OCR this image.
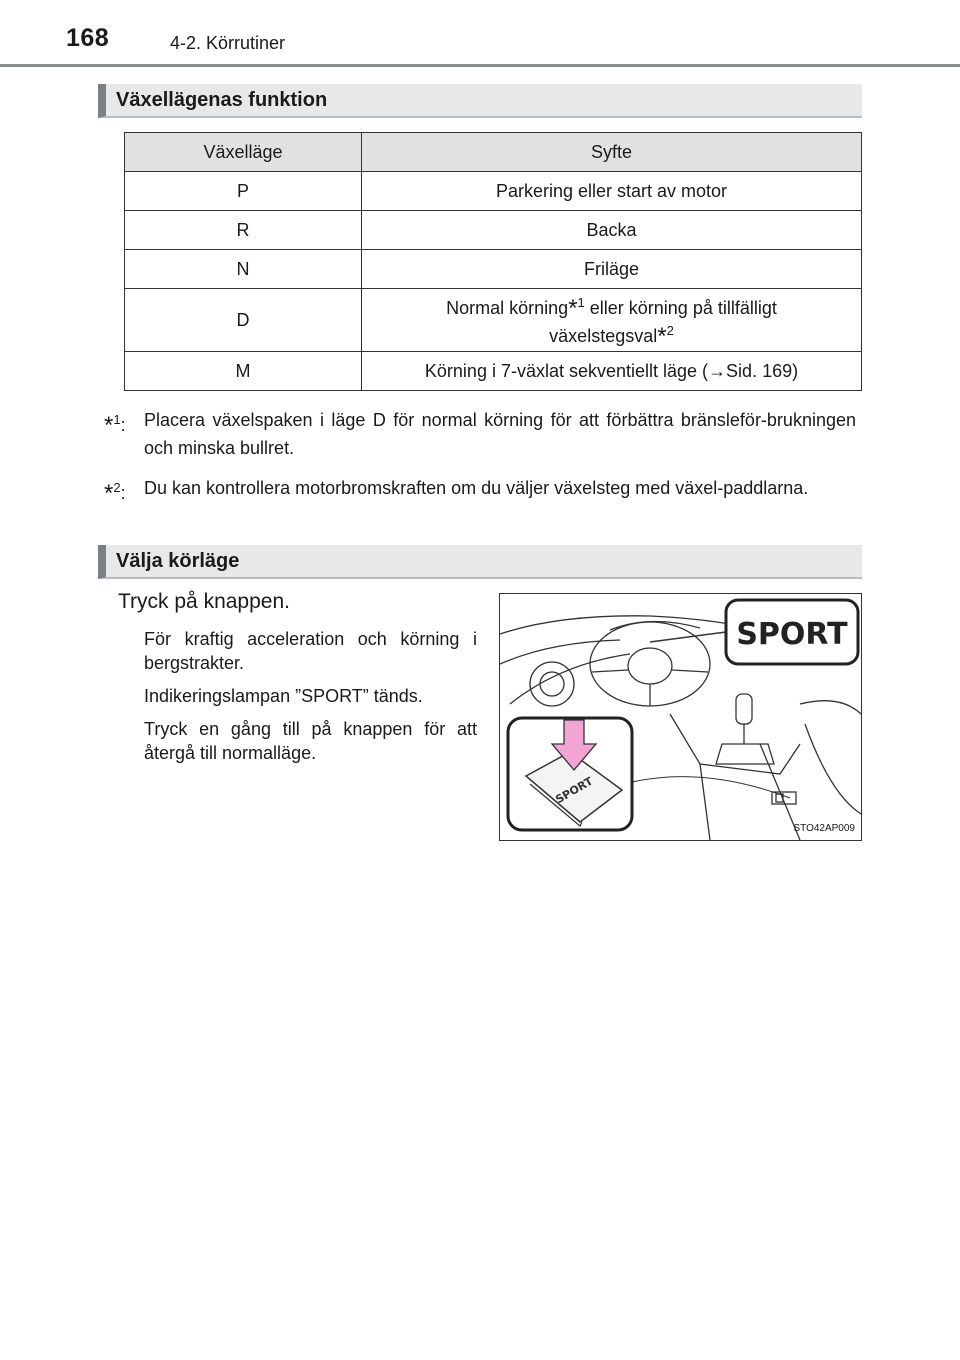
168	4-2. Körrutiner
Växellägenas funktion
Växelläge	Syfte
P	Parkering eller start av motor
R	Backa
N	Friläge
D	Normal körning*$^1$ eller körning på tillfälligt
växelstegsval*$^2$
M	Körning i 7-växlat sekventiellt läge (→Sid. 169)
*$^1$: Placera växelspaken i läge D för normal körning för att förbättra bränsleför-brukningen och minska bullret.
*$^2$: Du kan kontrollera motorbromskraften om du väljer växelsteg med växel-paddlarna.
Välja körläge
Tryck på knappen.
För kraftig acceleration och körning i bergstrakter.
Indikeringslampan ”SPORT” tänds.
Tryck en gång till på knappen för att återgå till normalläge.
SPORT
SPORT
STO42AP009
